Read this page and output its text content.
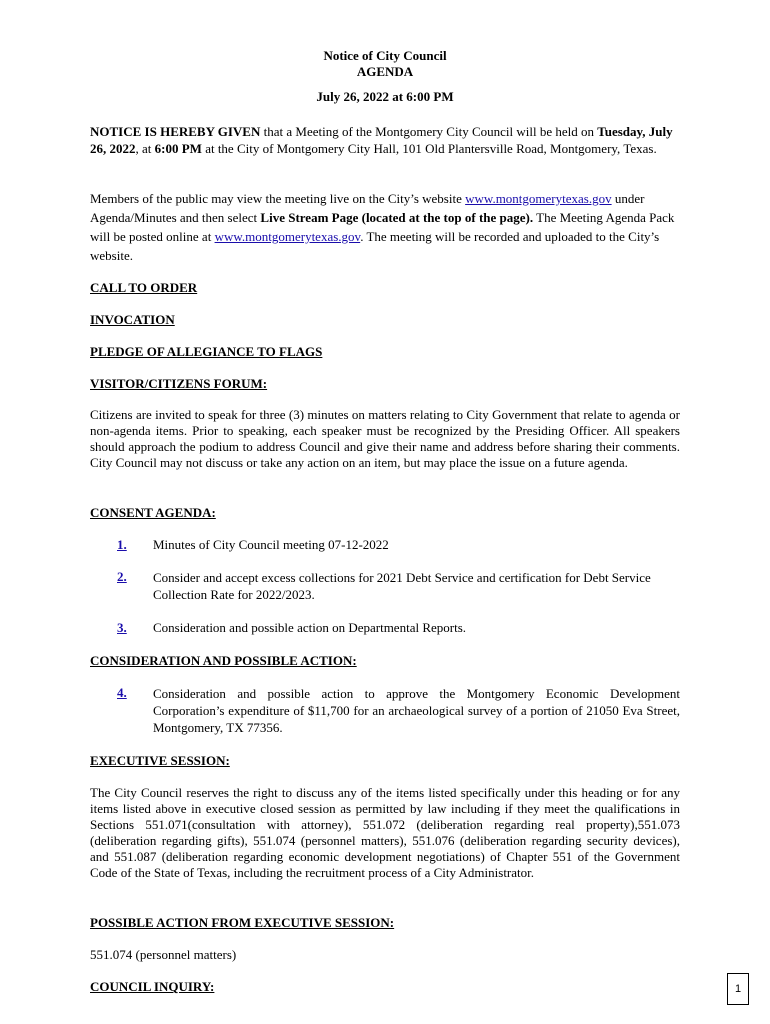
Notice of City Council
AGENDA
July 26, 2022 at 6:00 PM

NOTICE IS HEREBY GIVEN that a Meeting of the Montgomery City Council will be held on Tuesday, July 26, 2022, at 6:00 PM at the City of Montgomery City Hall, 101 Old Plantersville Road, Montgomery, Texas.

Members of the public may view the meeting live on the City’s website www.montgomerytexas.gov under Agenda/Minutes and then select Live Stream Page (located at the top of the page). The Meeting Agenda Pack will be posted online at www.montgomerytexas.gov. The meeting will be recorded and uploaded to the City’s website.

CALL TO ORDER
INVOCATION
PLEDGE OF ALLEGIANCE TO FLAGS
VISITOR/CITIZENS FORUM:

Citizens are invited to speak for three (3) minutes on matters relating to City Government that relate to agenda or non-agenda items. Prior to speaking, each speaker must be recognized by the Presiding Officer. All speakers should approach the podium to address Council and give their name and address before sharing their comments. City Council may not discuss or take any action on an item, but may place the issue on a future agenda.

CONSENT AGENDA:
1. Minutes of City Council meeting 07-12-2022

2. Consider and accept excess collections for 2021 Debt Service and certification for Debt Service Collection Rate for 2022/2023.

3. Consideration and possible action on Departmental Reports.

CONSIDERATION AND POSSIBLE ACTION:
4. Consideration and possible action to approve the Montgomery Economic Development Corporation’s expenditure of $11,700 for an archaeological survey of a portion of 21050 Eva Street, Montgomery, TX 77356.

EXECUTIVE SESSION:

The City Council reserves the right to discuss any of the items listed specifically under this heading or for any items listed above in executive closed session as permitted by law including if they meet the qualifications in Sections 551.071(consultation with attorney), 551.072 (deliberation regarding real property),551.073 (deliberation regarding gifts), 551.074 (personnel matters), 551.076 (deliberation regarding security devices), and 551.087 (deliberation regarding economic development negotiations) of Chapter 551 of the Government Code of the State of Texas, including the recruitment process of a City Administrator.

POSSIBLE ACTION FROM EXECUTIVE SESSION:

551.074 (personnel matters)

COUNCIL INQUIRY:	1
